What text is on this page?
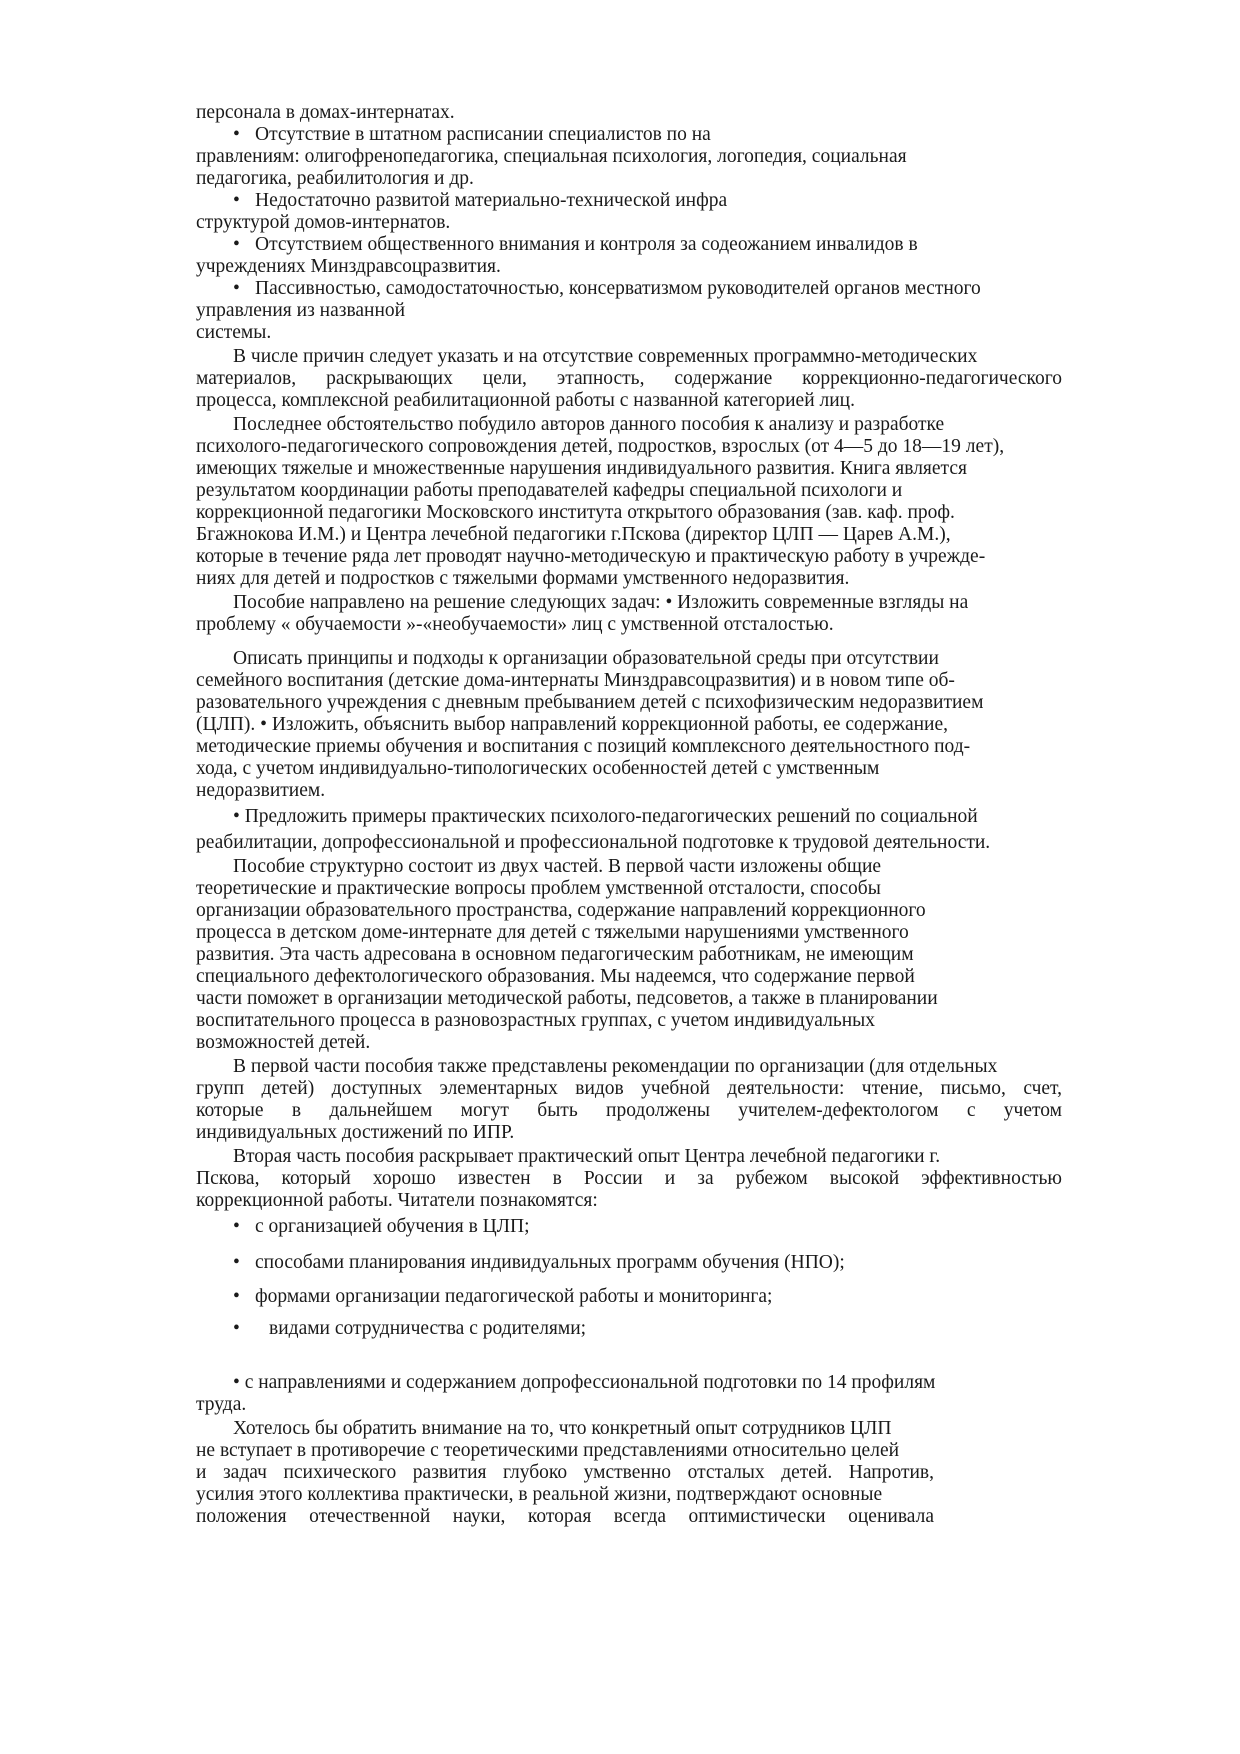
персонала в домах-интернатах.
• Отсутствие в штатном расписании специалистов по на
правлениям: олигофренопедагогика, специальная психология, логопедия, социальная
педагогика, реабилитология и др.
• Недостаточно развитой материально-технической инфра
структурой домов-интернатов.
• Отсутствием общественного внимания и контроля за содеожанием инвалидов в
учреждениях Минздравсоцразвития.
• Пассивностью, самодостаточностью, консерватизмом руководителей органов местного
управления из названной
системы.
В числе причин следует указать и на отсутствие современных программно-методических
материалов, раскрывающих цели, этапность, содержание коррекционно-педагогического
процесса, комплексной реабилитационной работы с названной категорией лиц.
Последнее обстоятельство побудило авторов данного пособия к анализу и разработке
психолого-педагогического сопровождения детей, подростков, взрослых (от 4—5 до 18—19 лет),
имеющих тяжелые и множественные нарушения индивидуального развития. Книга является
результатом координации работы преподавателей кафедры специальной психологи и
коррекционной педагогики Московского института открытого образования (зав. каф. проф.
Бгажнокова И.М.) и Центра лечебной педагогики г.Пскова (директор ЦЛП — Царев А.М.),
которые в течение ряда лет проводят научно-методическую и практическую работу в учрежде-
ниях для детей и подростков с тяжелыми формами умственного недоразвития.
Пособие направлено на решение следующих задач: • Изложить современные взгляды на
проблему « обучаемости »-«необучаемости» лиц с умственной отсталостью.
Описать принципы и подходы к организации образовательной среды при отсутствии
семейного воспитания (детские дома-интернаты Минздравсоцразвития) и в новом типе об-
разовательного учреждения с дневным пребыванием детей с психофизическим недоразвитием
(ЦЛП). • Изложить, объяснить выбор направлений коррекционной работы, ее содержание,
методические приемы обучения и воспитания с позиций комплексного деятельностного под-
хода, с учетом индивидуально-типологических особенностей детей с умственным
недоразвитием.
• Предложить примеры практических психолого-педагогических решений по социальной
реабилитации, допрофессиональной и профессиональной подготовке к трудовой деятельности.
Пособие структурно состоит из двух частей. В первой части изложены общие
теоретические и практические вопросы проблем умственной отсталости, способы
организации образовательного пространства, содержание направлений коррекционного
процесса в детском доме-интернате для детей с тяжелыми нарушениями умственного
развития. Эта часть адресована в основном педагогическим работникам, не имеющим
специального дефектологического образования. Мы надеемся, что содержание первой
части поможет в организации методической работы, педсоветов, а также в планировании
воспитательного процесса в разновозрастных группах, с учетом индивидуальных
возможностей детей.
В первой части пособия также представлены рекомендации по организации (для отдельных
групп детей) доступных элементарных видов учебной деятельности: чтение, письмо, счет,
которые в дальнейшем могут быть продолжены учителем-дефектологом с учетом
индивидуальных достижений по ИПР.
Вторая часть пособия раскрывает практический опыт Центра лечебной педагогики г.
Пскова, который хорошо известен в России и за рубежом высокой эффективностью
коррекционной работы. Читатели познакомятся:
• с организацией обучения в ЦЛП;
• способами планирования индивидуальных программ обучения (НПО);
• формами организации педагогической работы и мониторинга;
• видами сотрудничества с родителями;
• с направлениями и содержанием допрофессиональной подготовки по 14 профилям
труда.
Хотелось бы обратить внимание на то, что конкретный опыт сотрудников ЦЛП
не вступает в противоречие с теоретическими представлениями относительно целей
и задач психического развития глубоко умственно отсталых детей. Напротив,
усилия этого коллектива практически, в реальной жизни, подтверждают основные
положения отечественной науки, которая всегда оптимистически оценивала
